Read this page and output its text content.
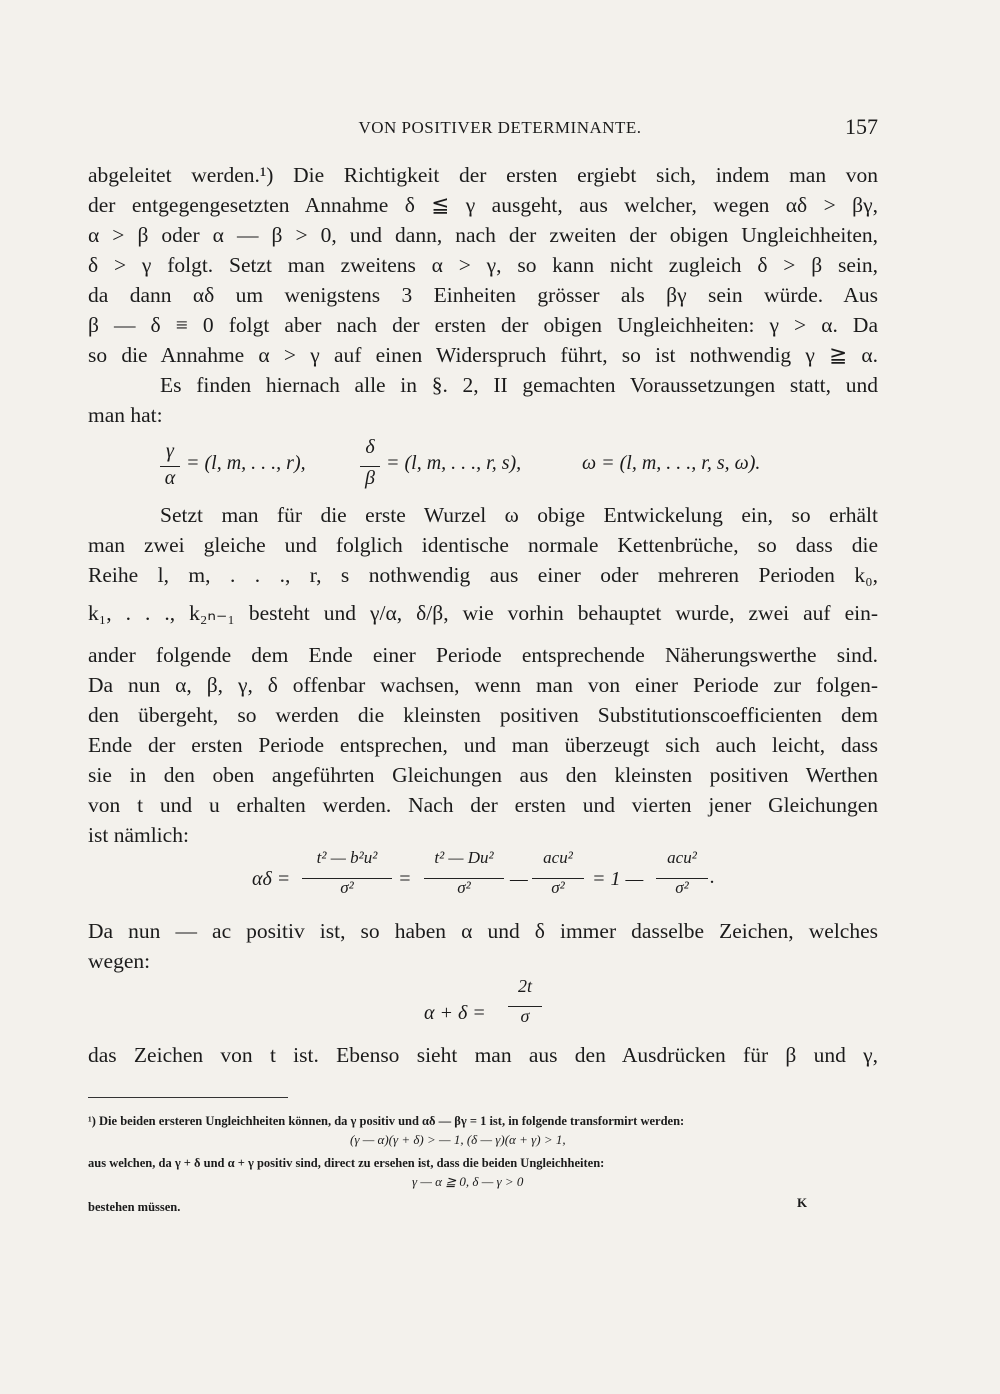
VON POSITIVER DETERMINANTE.	157
abgeleitet werden.¹) Die Richtigkeit der ersten ergiebt sich, indem man von
der entgegengesetzten Annahme δ ≦ γ ausgeht, aus welcher, wegen αδ > βγ,
α > β oder α — β > 0, und dann, nach der zweiten der obigen Ungleichheiten,
δ > γ folgt. Setzt man zweitens α > γ, so kann nicht zugleich δ > β sein,
da dann αδ um wenigstens 3 Einheiten grösser als βγ sein würde. Aus
β — δ ≡ 0 folgt aber nach der ersten der obigen Ungleichheiten: γ > α. Da
so die Annahme α > γ auf einen Widerspruch führt, so ist nothwendig γ ≧ α.
Es finden hiernach alle in §. 2, II gemachten Voraussetzungen statt, und
man hat:
γ
α
= (l, m, . . ., r),
δ
β
= (l, m, . . ., r, s),	ω = (l, m, . . ., r, s, ω).
Setzt man für die erste Wurzel ω obige Entwickelung ein, so erhält
man zwei gleiche und folglich identische normale Kettenbrüche, so dass die
Reihe l, m, . . ., r, s nothwendig aus einer oder mehreren Perioden k₀,
k₁, . . ., k₂ₙ₋₁ besteht und γ/α, δ/β, wie vorhin behauptet wurde, zwei auf ein-
ander folgende dem Ende einer Periode entsprechende Näherungswerthe sind.
Da nun α, β, γ, δ offenbar wachsen, wenn man von einer Periode zur folgen-
den übergeht, so werden die kleinsten positiven Substitutionscoefficienten dem
Ende der ersten Periode entsprechen, und man überzeugt sich auch leicht, dass
sie in den oben angeführten Gleichungen aus den kleinsten positiven Werthen
von t und u erhalten werden. Nach der ersten und vierten jener Gleichungen
ist nämlich:
αδ =
t² — b²u²
σ²	=
t² — Du²
σ²	—
acu²
σ²	= 1 —
acu²
σ²	.
Da nun — ac positiv ist, so haben α und δ immer dasselbe Zeichen, welches
wegen:
α + δ =
2t
σ
das Zeichen von t ist. Ebenso sieht man aus den Ausdrücken für β und γ,
¹) Die beiden ersteren Ungleichheiten können, da γ positiv und αδ — βγ = 1 ist, in folgende transformirt werden:
(γ — α)(γ + δ) > — 1, (δ — γ)(α + γ) > 1,
aus welchen, da γ + δ und α + γ positiv sind, direct zu ersehen ist, dass die beiden Ungleichheiten:
γ — α ≧ 0, δ — γ > 0
bestehen müssen.	K
